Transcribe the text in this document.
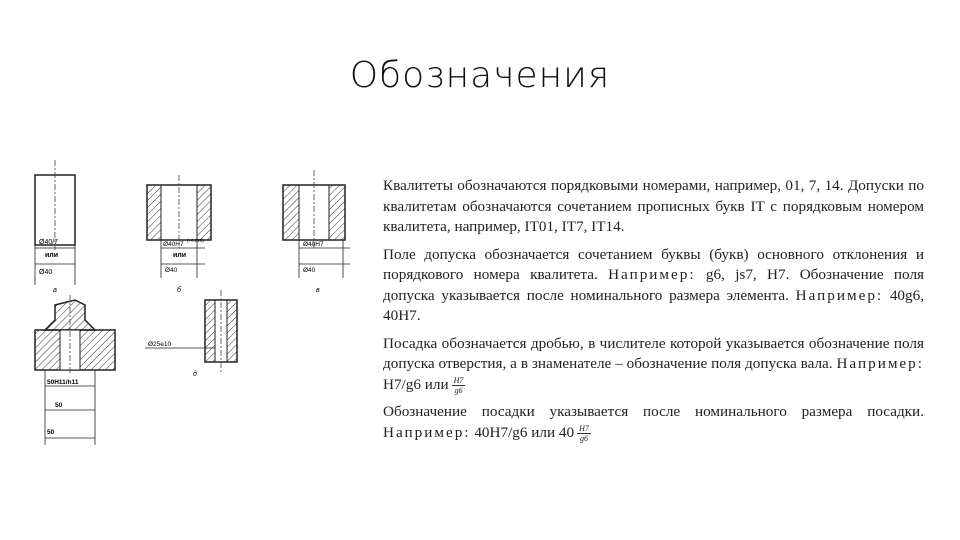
Обозначения
Ø40/7
или
Ø40
а
Ø40H7
(+0,025)
или
Ø40
б
Ø40H7
Ø40
в
50H11/h11
50
50
Ø25e10
д

Квалитеты обозначаются порядковыми номерами, например, 01, 7, 14. Допуски по квалитетам обозначаются сочетанием прописных букв IT с порядковым номером квалитета, например, IT01, IT7, IT14.

Поле допуска обозначается сочетанием буквы (букв) основного отклонения и порядкового номера квалитета. Например: g6, js7, H7. Обозначение поля допуска указывается после номинального размера элемента. Например: 40g6, 40H7.

Посадка обозначается дробью, в числителе которой указывается обозначение поля допуска отверстия, а в знаменателе – обозначение поля допуска вала. Например: H7/g6 или $\frac{H7}{g6}$

Обозначение посадки указывается после номинального размера посадки. Например: 40H7/g6 или $40 \frac{H7}{g6}$
